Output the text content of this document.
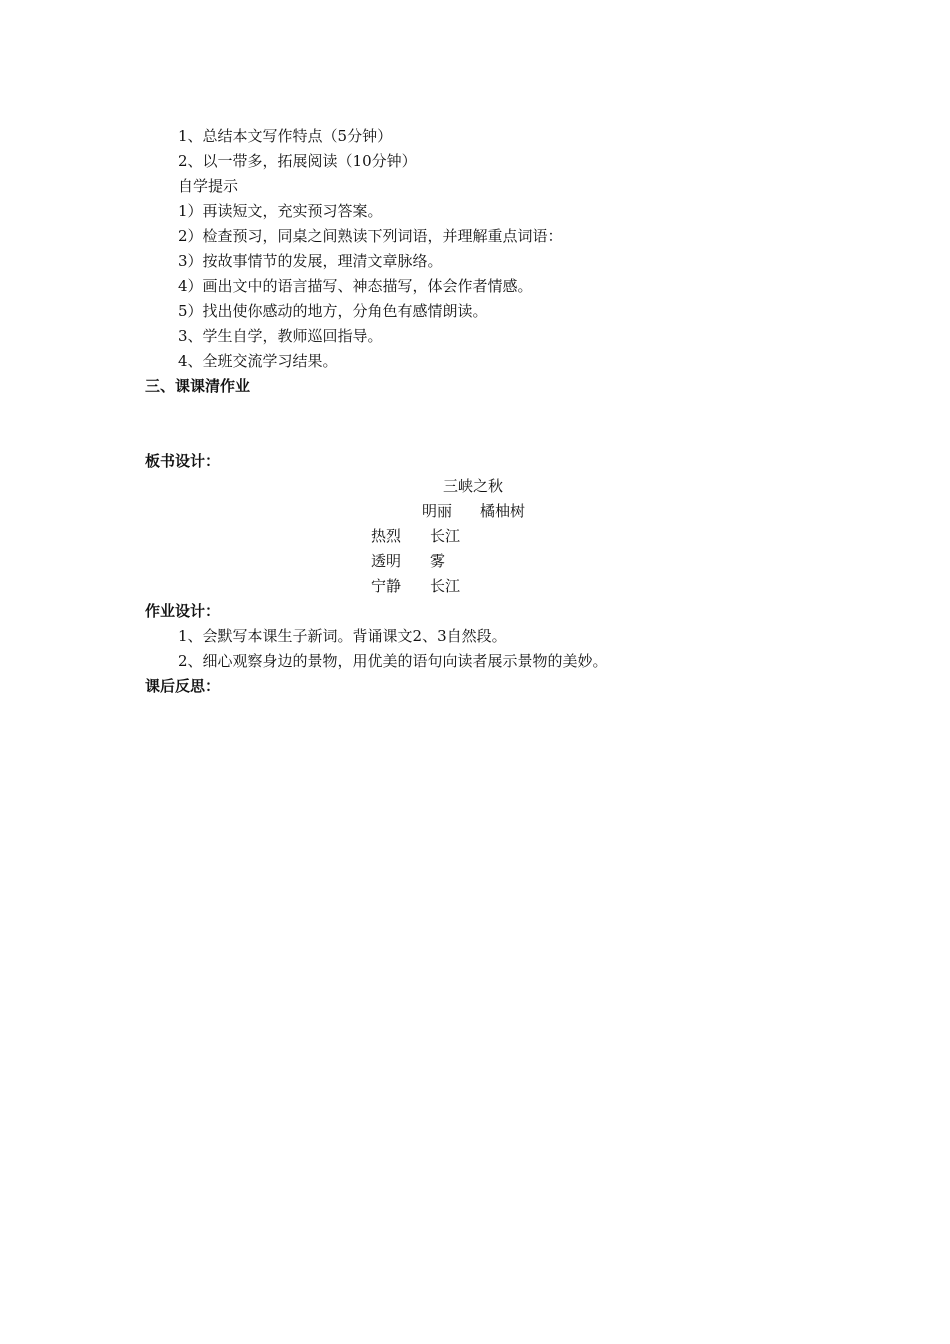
1、总结本文写作特点（5分钟）
2、以一带多，拓展阅读（10分钟）
自学提示
1）再读短文，充实预习答案。
2）检查预习，同桌之间熟读下列词语，并理解重点词语：
3）按故事情节的发展，理清文章脉络。
4）画出文中的语言描写、神态描写，体会作者情感。
5）找出使你感动的地方，分角色有感情朗读。
3、学生自学，教师巡回指导。
4、全班交流学习结果。
三、课课清作业
板书设计：
三峡之秋
明丽 橘柚树
热烈 长江
透明 雾
宁静 长江
作业设计：
1、会默写本课生子新词。背诵课文2、3自然段。
2、细心观察身边的景物，用优美的语句向读者展示景物的美妙。
课后反思：
